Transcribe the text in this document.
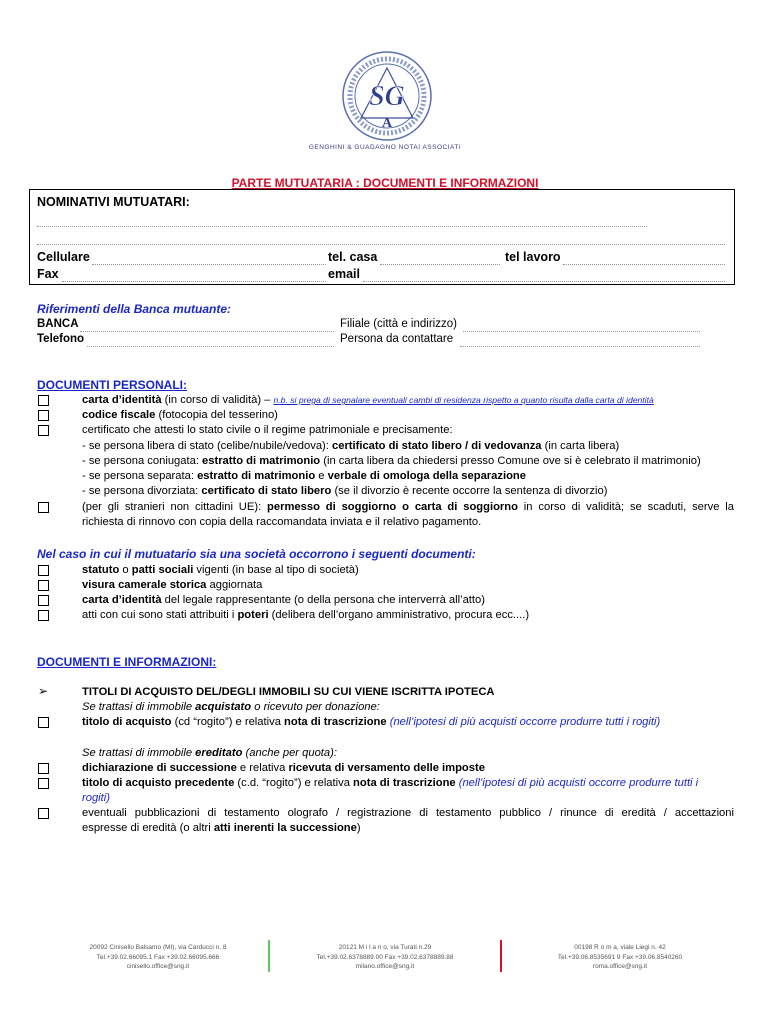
SG
A
GENGHINI & GUADAGNO NOTAI ASSOCIATI
PARTE MUTUATARIA : DOCUMENTI E INFORMAZIONI
NOMINATIVI MUTUATARI:
Cellulare	tel. casa	tel lavoro
Fax	email
Riferimenti della Banca mutuante:
BANCA	Filiale (città e indirizzo)
Telefono	Persona da contattare
DOCUMENTI PERSONALI:
carta d’identità (in corso di validità) – n.b. si prega di segnalare eventuali cambi di residenza rispetto a quanto risulta dalla carta di identità
codice fiscale (fotocopia del tesserino)
certificato che attesti lo stato civile o il regime patrimoniale e precisamente:
- se persona libera di stato (celibe/nubile/vedova): certificato di stato libero / di vedovanza (in carta libera)
- se persona coniugata: estratto di matrimonio (in carta libera da chiedersi presso Comune ove si è celebrato il matrimonio)
- se persona separata: estratto di matrimonio e verbale di omologa della separazione
- se persona divorziata: certificato di stato libero (se il divorzio è recente occorre la sentenza di divorzio)
(per gli stranieri non cittadini UE): permesso di soggiorno o carta di soggiorno in corso di validità; se scaduti, serve la
richiesta di rinnovo con copia della raccomandata inviata e il relativo pagamento.
Nel caso in cui il mutuatario sia una società occorrono i seguenti documenti:
statuto o patti sociali vigenti (in base al tipo di società)
visura camerale storica aggiornata
carta d’identità del legale rappresentante (o della persona che interverrà all’atto)
atti con cui sono stati attribuiti i poteri (delibera dell’organo amministrativo, procura ecc....)
DOCUMENTI E INFORMAZIONI:
➢	TITOLI DI ACQUISTO DEL/DEGLI IMMOBILI SU CUI VIENE ISCRITTA IPOTECA
Se trattasi di immobile acquistato o ricevuto per donazione:
titolo di acquisto (cd “rogito”) e relativa nota di trascrizione (nell’ipotesi di più acquisti occorre produrre tutti i rogiti)
Se trattasi di immobile ereditato (anche per quota):
dichiarazione di successione e relativa ricevuta di versamento delle imposte
titolo di acquisto precedente (c.d. “rogito”) e relativa nota di trascrizione (nell’ipotesi di più acquisti occorre produrre tutti i
rogiti)
eventuali pubblicazioni di testamento olografo / registrazione di testamento pubblico / rinunce di eredità / accettazioni
espresse di eredità (o altri atti inerenti la successione)
20092 Cinisello Balsamo (MI), via Carducci n. 8
Tel.+39.02.66095.1 Fax +39.02.66095.666
cinisello.office@sng.it
20121 M i l a n o, via Turati n.29
Tel.+39.02.6378889.00 Fax +39.02.6378889.88
milano.office@sng.it
00198 R o m a, viale Liegi n. 42
Tel.+39.06.8535691 9 Fax +39.06.8540260
roma.office@sng.it
